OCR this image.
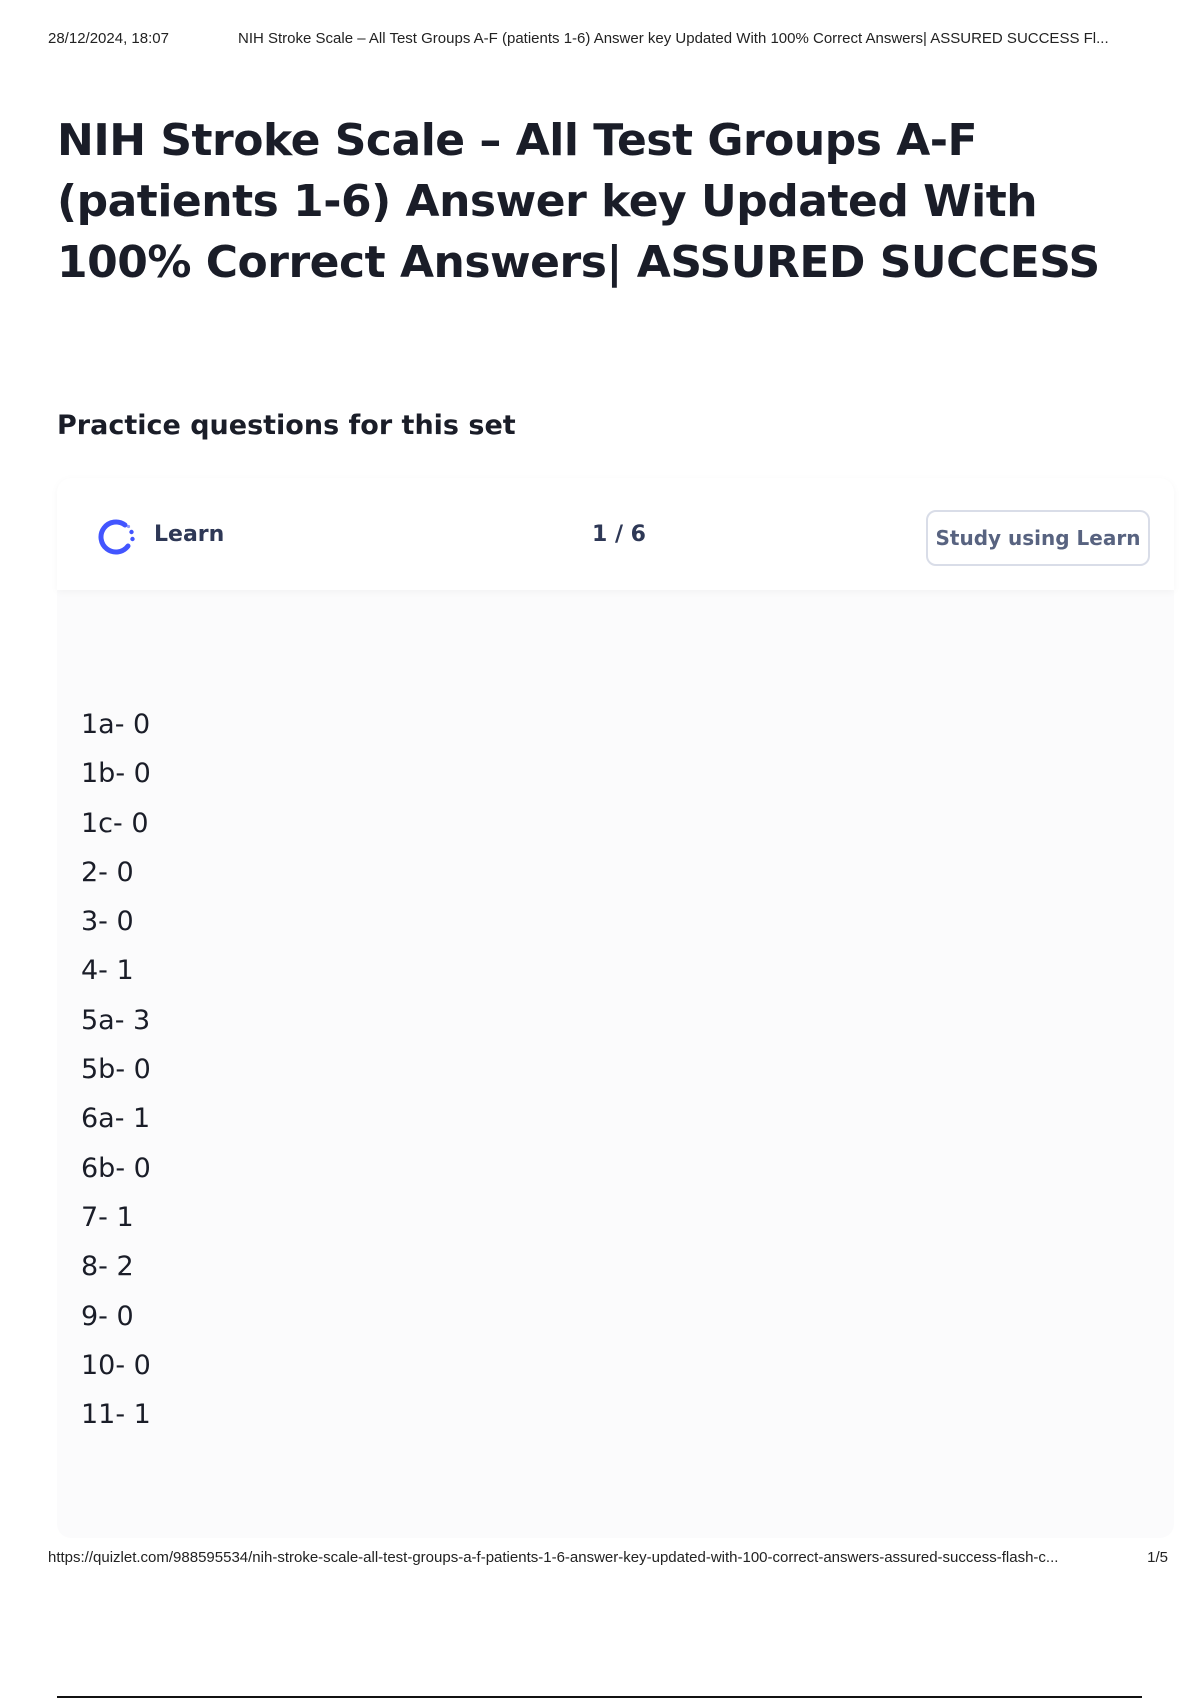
28/12/2024, 18:07	NIH Stroke Scale – All Test Groups A-F (patients 1-6) Answer key Updated With 100% Correct Answers| ASSURED SUCCESS Fl...
NIH Stroke Scale – All Test Groups A-F (patients 1-6) Answer key Updated With 100% Correct Answers| ASSURED SUCCESS
Practice questions for this set
Learn	1 / 6	Study using Learn
1a- 0
1b- 0
1c- 0
2- 0
3- 0
4- 1
5a- 3
5b- 0
6a- 1
6b- 0
7- 1
8- 2
9- 0
10- 0
11- 1
https://quizlet.com/988595534/nih-stroke-scale-all-test-groups-a-f-patients-1-6-answer-key-updated-with-100-correct-answers-assured-success-flash-c...	1/5
